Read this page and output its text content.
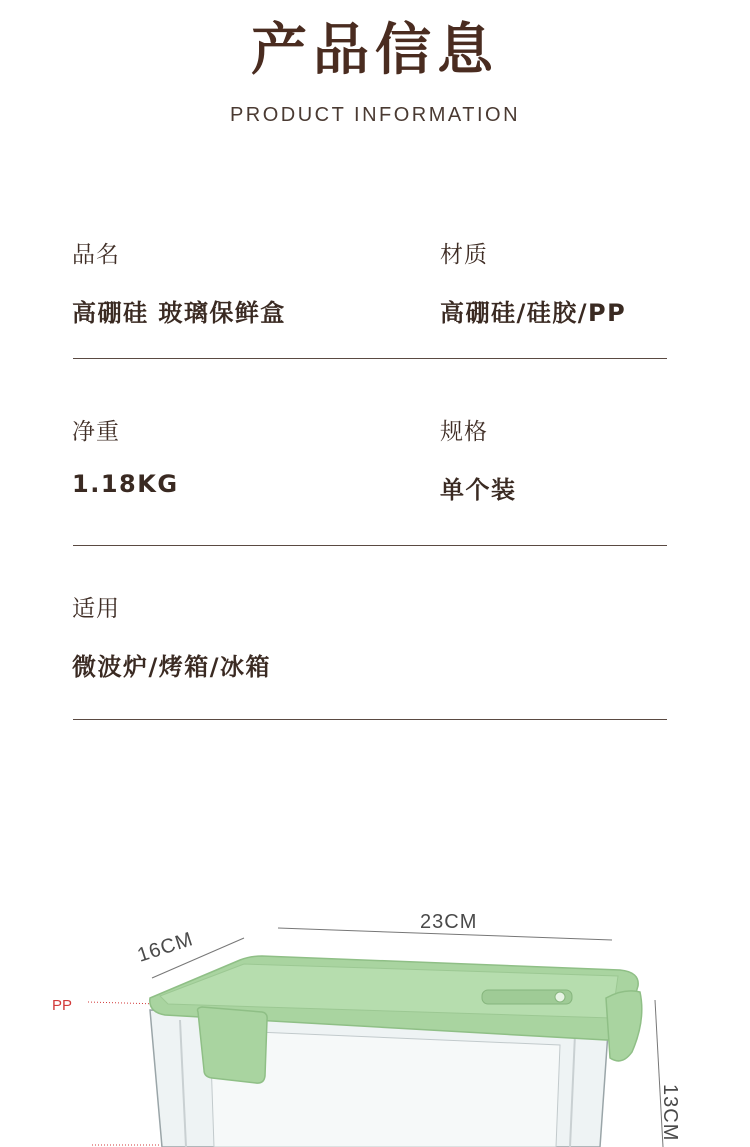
产品信息
PRODUCT INFORMATION
品名
高硼硅 玻璃保鲜盒
材质
高硼硅/硅胶/PP
净重
1.18KG
规格
单个装
适用
微波炉/烤箱/冰箱
23CM
16CM
13CM
PP
